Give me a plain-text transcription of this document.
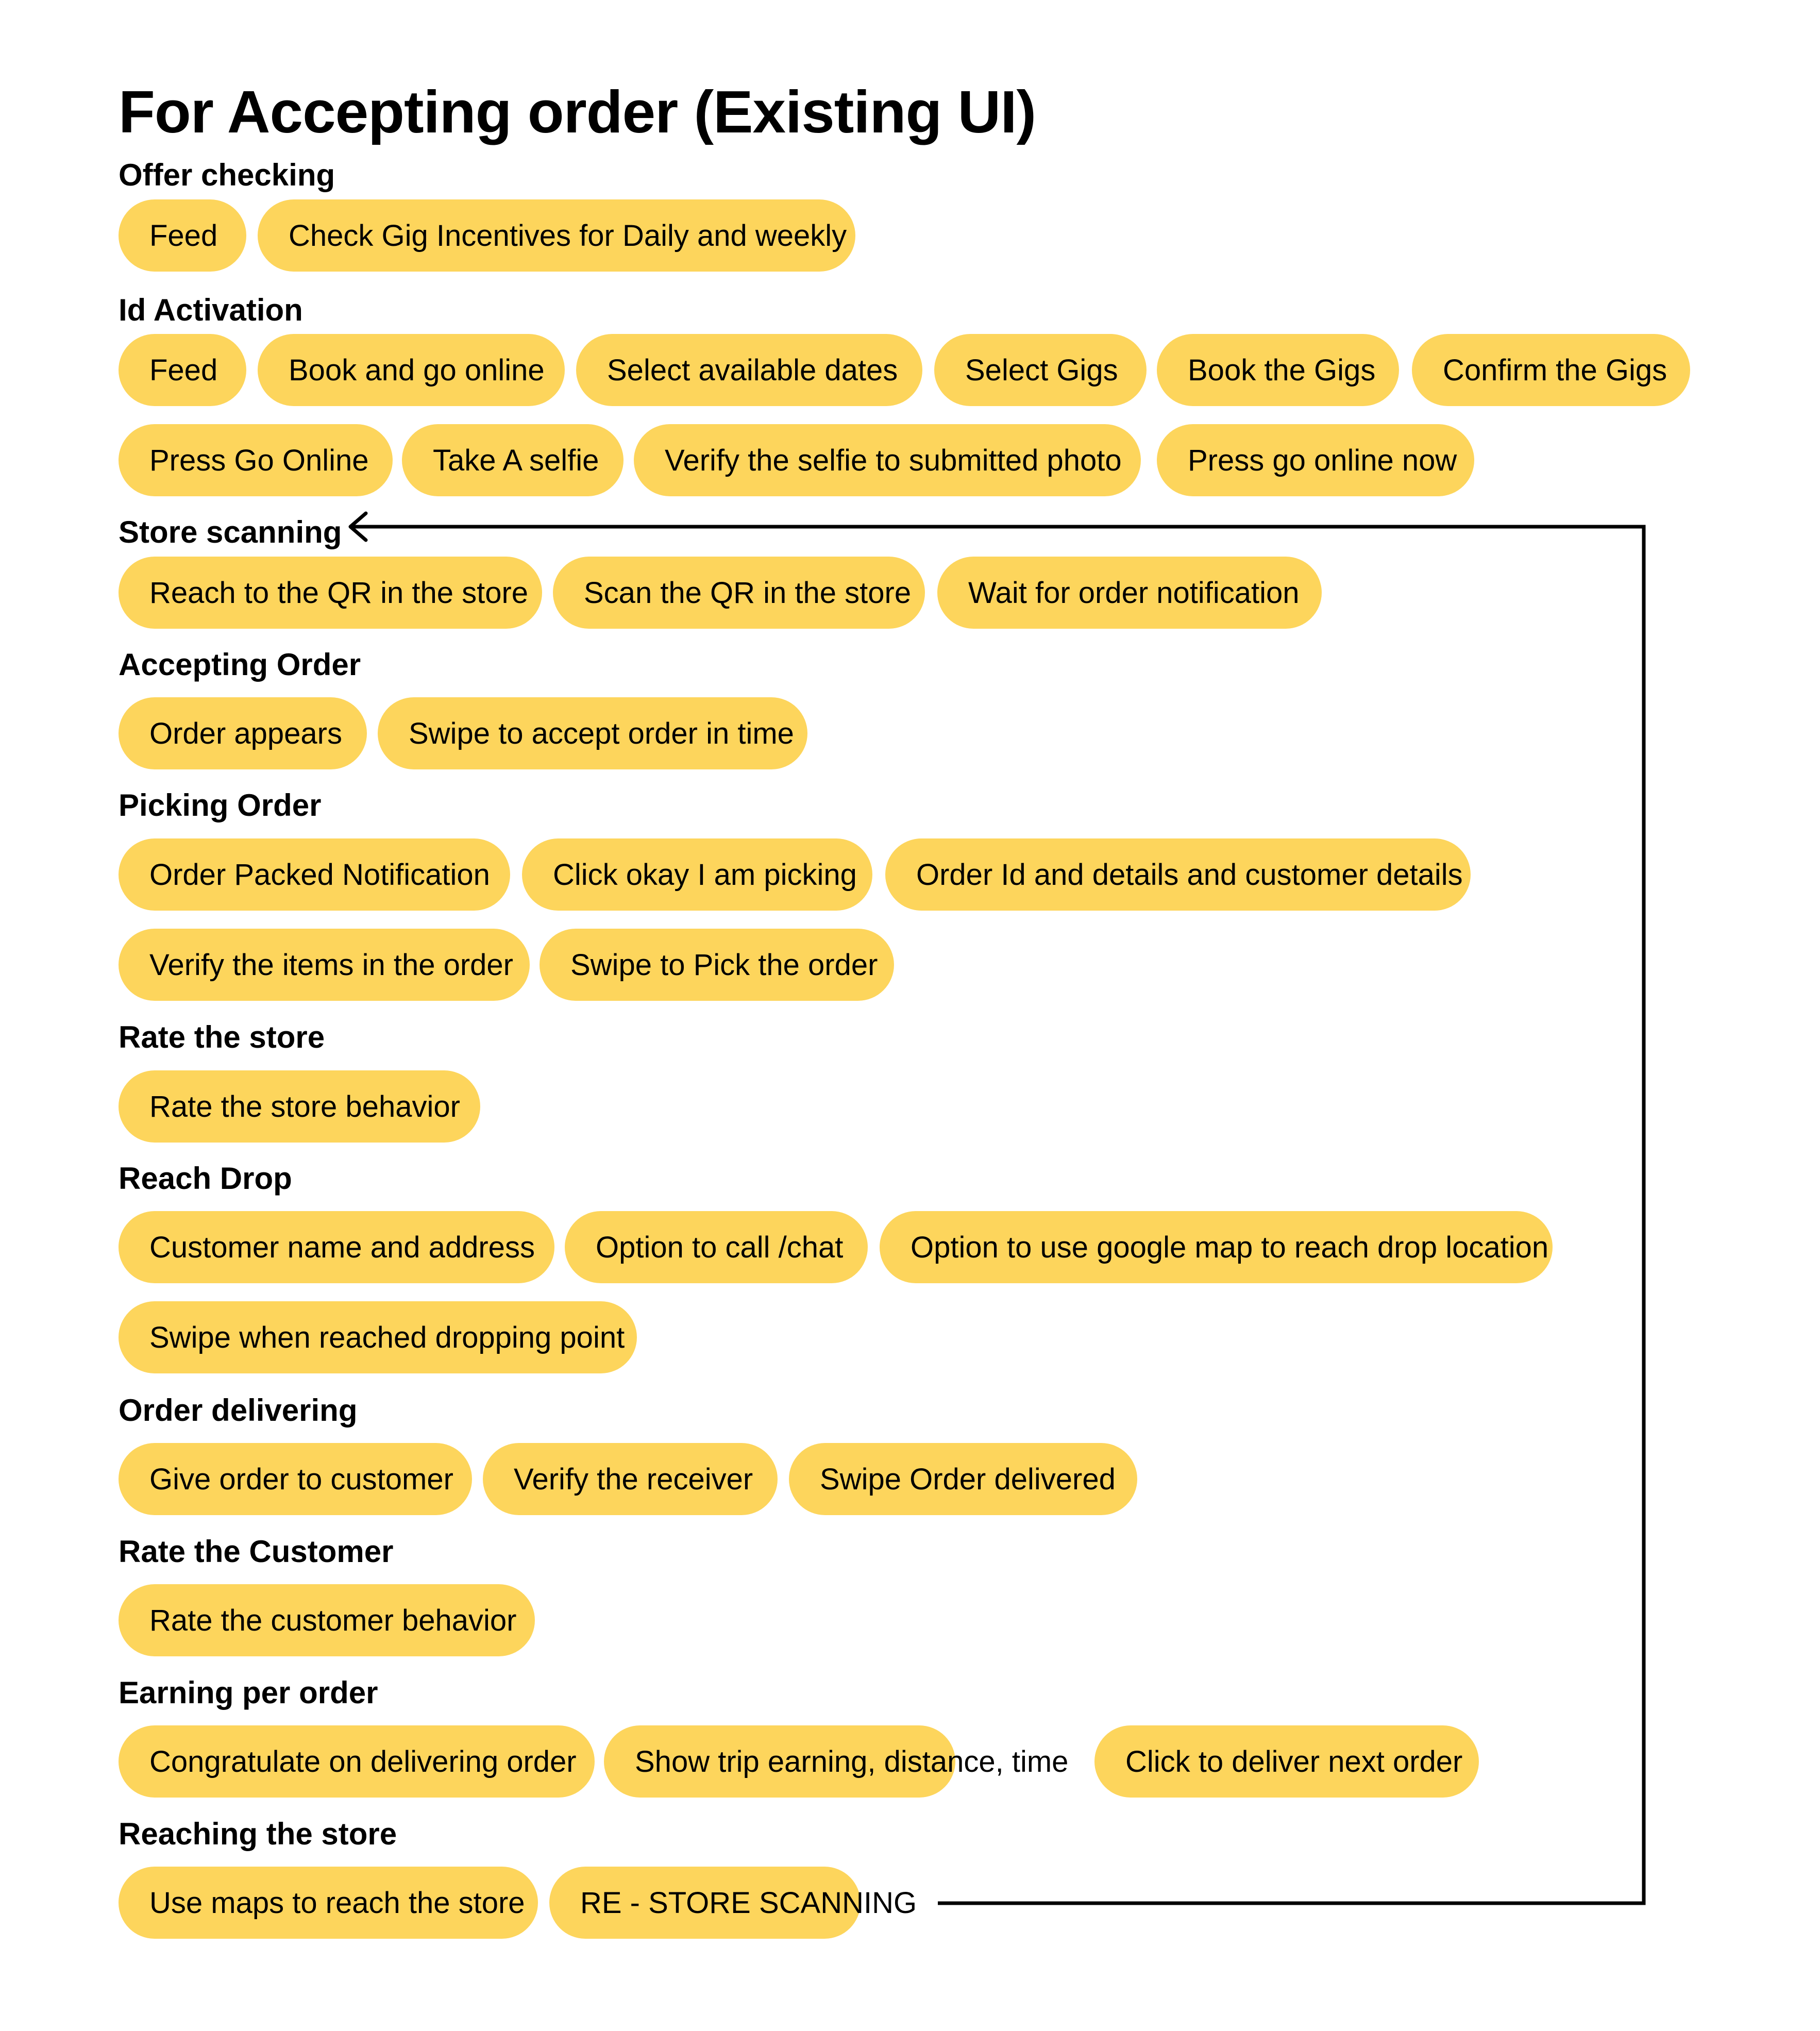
For Accepting order (Existing UI)
Offer checking
Feed	Check Gig Incentives for Daily and weekly
Id Activation
Feed	Book and go online	Select available dates	Select Gigs	Book the Gigs	Confirm the Gigs
Press Go Online	Take A selfie	Verify the selfie to submitted photo	Press go online now
Store scanning
Reach to the QR in the store	Scan the QR in the store	Wait for order notification
Accepting Order
Order appears	Swipe to accept order in time
Picking Order
Order Packed Notification	Click okay I am picking	Order Id and details and customer details
Verify the items in the order	Swipe to Pick the order
Rate the store
Rate the store behavior
Reach Drop
Customer name and address	Option to call /chat	Option to use google map to reach drop location
Swipe when reached dropping point
Order delivering
Give order to customer	Verify the receiver	Swipe Order delivered
Rate the Customer
Rate the customer behavior
Earning per order
Congratulate on delivering order	Show trip earning, distance, time	Click to deliver next order
Reaching the store
Use maps to reach the store	RE - STORE SCANNING
